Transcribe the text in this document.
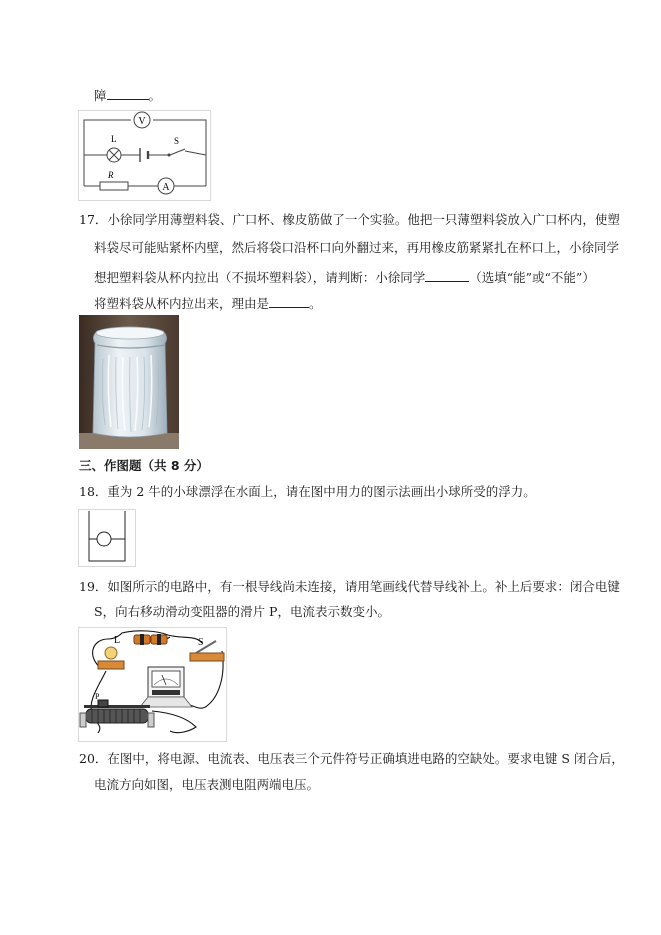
障	。
V
L	S
R
A
17．小徐同学用薄塑料袋、广口杯、橡皮筋做了一个实验。他把一只薄塑料袋放入广口杯内，使塑
料袋尽可能贴紧杯内壁，然后将袋口沿杯口向外翻过来，再用橡皮筋紧紧扎在杯口上，小徐同学
想把塑料袋从杯内拉出（不损坏塑料袋），请判断：小徐同学	（选填“能”或“不能”）
将塑料袋从杯内拉出来，理由是	。
三、作图题（共 8 分）
18．重为 2 牛的小球漂浮在水面上，请在图中用力的图示法画出小球所受的浮力。
19．如图所示的电路中，有一根导线尚未连接，请用笔画线代替导线补上。补上后要求：闭合电键
S，向右移动滑动变阻器的滑片 P，电流表示数变小。
L	S
P
20．在图中，将电源、电流表、电压表三个元件符号正确填进电路的空缺处。要求电键 S 闭合后，
电流方向如图，电压表测电阻两端电压。
